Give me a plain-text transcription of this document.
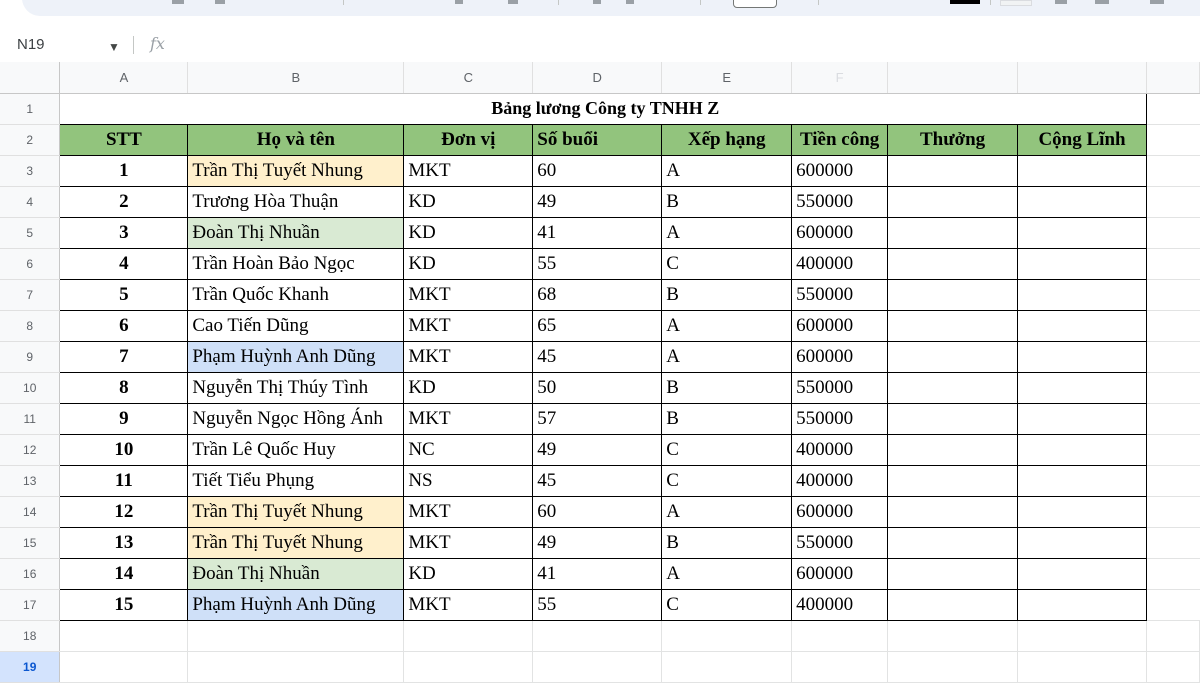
N19	▼ fx
	A	B	C	D	E	F			
1	Bảng lương Công ty TNHH Z								
2	STT	Họ và tên	Đơn vị	Số buổi	Xếp hạng	Tiền công	Thưởng	Cộng Lĩnh	
3	1	Trần Thị Tuyết Nhung	MKT	60	A	600000			
4	2	Trương Hòa Thuận	KD	49	B	550000			
5	3	Đoàn Thị Nhuần	KD	41	A	600000			
6	4	Trần Hoàn Bảo Ngọc	KD	55	C	400000			
7	5	Trần Quốc Khanh	MKT	68	B	550000			
8	6	Cao Tiến Dũng	MKT	65	A	600000			
9	7	Phạm Huỳnh Anh Dũng	MKT	45	A	600000			
10	8	Nguyễn Thị Thúy Tình	KD	50	B	550000			
11	9	Nguyễn Ngọc Hồng Ánh	MKT	57	B	550000			
12	10	Trần Lê Quốc Huy	NC	49	C	400000			
13	11	Tiết Tiểu Phụng	NS	45	C	400000			
14	12	Trần Thị Tuyết Nhung	MKT	60	A	600000			
15	13	Trần Thị Tuyết Nhung	MKT	49	B	550000			
16	14	Đoàn Thị Nhuần	KD	41	A	600000			
17	15	Phạm Huỳnh Anh Dũng	MKT	55	C	400000			
18									
19									
